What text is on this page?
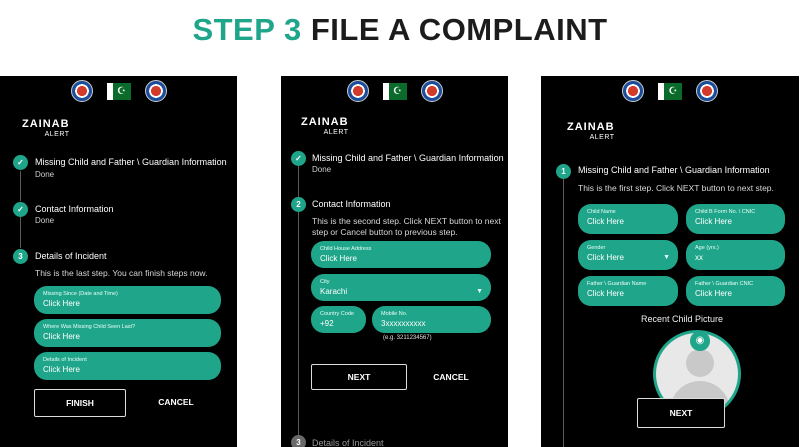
STEP 3 FILE A COMPLAINT
☪
ZAINAB
ALERT
✓	Missing Child and Father \ Guardian Information
Done
✓	Contact Information
Done
3	Details of Incident
This is the last step. You can finish steps now.
Missing Since (Date and Time)
Click Here
Where Was Missing Child Seen Last?
Click Here
Details of Incident
Click Here
FINISH	CANCEL
☪
ZAINAB
ALERT
✓	Missing Child and Father \ Guardian Information
Done
2	Contact Information
This is the second step. Click NEXT button to next step or Cancel button to previous step.
Child House Address
Click Here
City
Karachi	▼
Country Code
+92
Mobile No.
3xxxxxxxxxx
(e.g. 3211234567)
NEXT	CANCEL
3	Details of Incident
☪
ZAINAB
ALERT
1	Missing Child and Father \ Guardian Information
This is the first step. Click NEXT button to next step.
Child Name
Click Here
Child B Form No. \ CNIC
Click Here
Gender
Click Here	▼
Age (yrs.)
xx
Father \ Guardian Name
Click Here
Father \ Guardian CNIC
Click Here
Recent Child Picture
◉
NEXT
